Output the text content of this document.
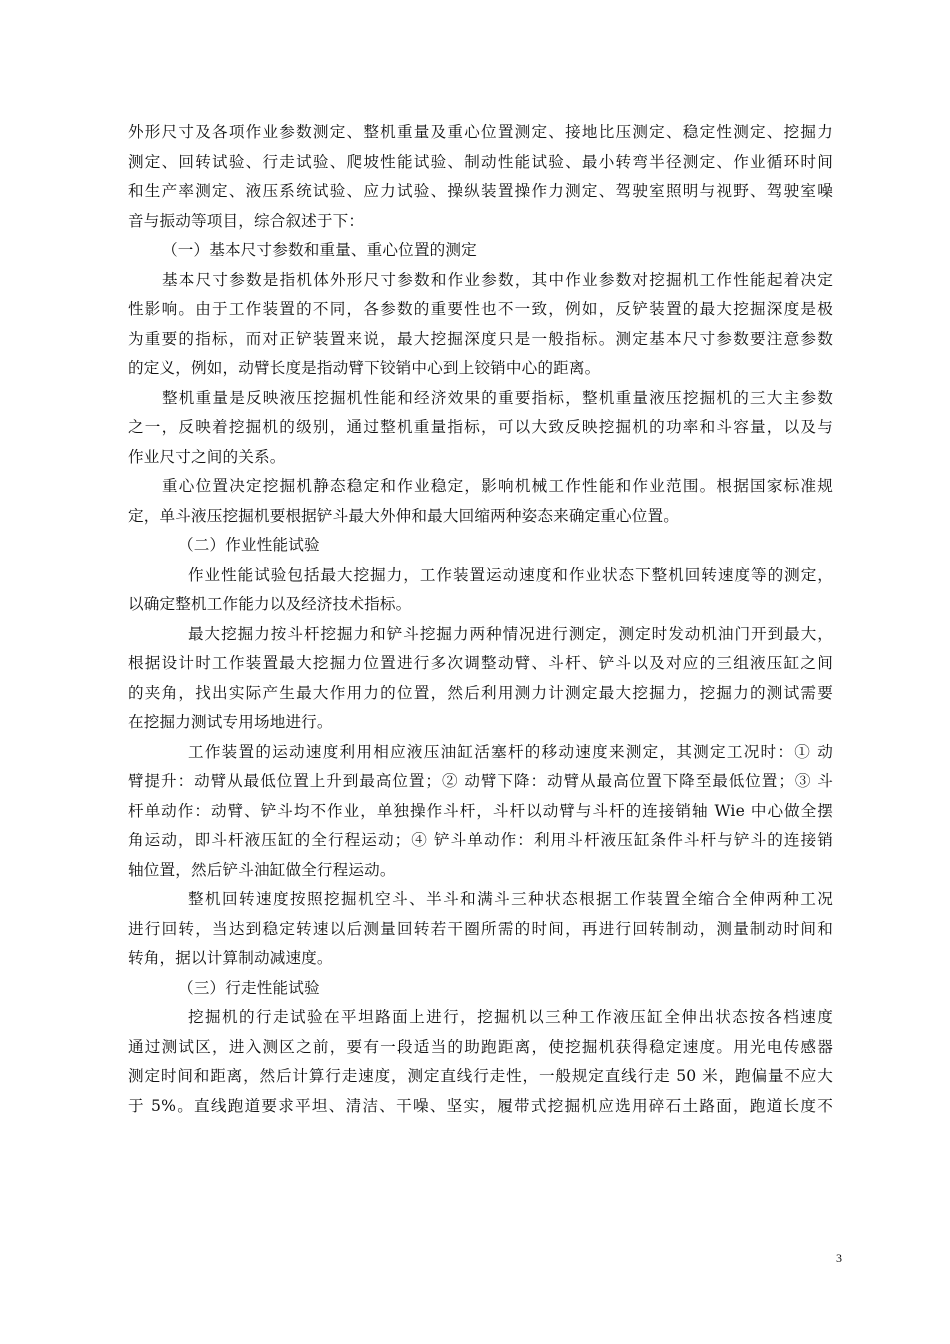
外形尺寸及各项作业参数测定、整机重量及重心位置测定、接地比压测定、稳定性测定、挖掘力
测定、回转试验、行走试验、爬坡性能试验、制动性能试验、最小转弯半径测定、作业循环时间
和生产率测定、液压系统试验、应力试验、操纵装置操作力测定、驾驶室照明与视野、驾驶室噪
音与振动等项目，综合叙述于下：
（一）基本尺寸参数和重量、重心位置的测定
基本尺寸参数是指机体外形尺寸参数和作业参数，其中作业参数对挖掘机工作性能起着决定
性影响。由于工作装置的不同，各参数的重要性也不一致，例如，反铲装置的最大挖掘深度是极
为重要的指标，而对正铲装置来说，最大挖掘深度只是一般指标。测定基本尺寸参数要注意参数
的定义，例如，动臂长度是指动臂下铰销中心到上铰销中心的距离。
整机重量是反映液压挖掘机性能和经济效果的重要指标，整机重量液压挖掘机的三大主参数
之一，反映着挖掘机的级别，通过整机重量指标，可以大致反映挖掘机的功率和斗容量，以及与
作业尺寸之间的关系。
重心位置决定挖掘机静态稳定和作业稳定，影响机械工作性能和作业范围。根据国家标准规
定，单斗液压挖掘机要根据铲斗最大外伸和最大回缩两种姿态来确定重心位置。
（二）作业性能试验
作业性能试验包括最大挖掘力，工作装置运动速度和作业状态下整机回转速度等的测定，
以确定整机工作能力以及经济技术指标。
最大挖掘力按斗杆挖掘力和铲斗挖掘力两种情况进行测定，测定时发动机油门开到最大，
根据设计时工作装置最大挖掘力位置进行多次调整动臂、斗杆、铲斗以及对应的三组液压缸之间
的夹角，找出实际产生最大作用力的位置，然后利用测力计测定最大挖掘力，挖掘力的测试需要
在挖掘力测试专用场地进行。
工作装置的运动速度利用相应液压油缸活塞杆的移动速度来测定，其测定工况时：① 动
臂提升：动臂从最低位置上升到最高位置；② 动臂下降：动臂从最高位置下降至最低位置；③ 斗
杆单动作：动臂、铲斗均不作业，单独操作斗杆，斗杆以动臂与斗杆的连接销轴 Wie 中心做全摆
角运动，即斗杆液压缸的全行程运动；④ 铲斗单动作：利用斗杆液压缸条件斗杆与铲斗的连接销
轴位置，然后铲斗油缸做全行程运动。
整机回转速度按照挖掘机空斗、半斗和满斗三种状态根据工作装置全缩合全伸两种工况
进行回转，当达到稳定转速以后测量回转若干圈所需的时间，再进行回转制动，测量制动时间和
转角，据以计算制动减速度。
（三）行走性能试验
挖掘机的行走试验在平坦路面上进行，挖掘机以三种工作液压缸全伸出状态按各档速度
通过测试区，进入测区之前，要有一段适当的助跑距离，使挖掘机获得稳定速度。用光电传感器
测定时间和距离，然后计算行走速度，测定直线行走性，一般规定直线行走 50 米，跑偏量不应大
于 5%。直线跑道要求平坦、清洁、干噪、坚实，履带式挖掘机应选用碎石土路面，跑道长度不
3
